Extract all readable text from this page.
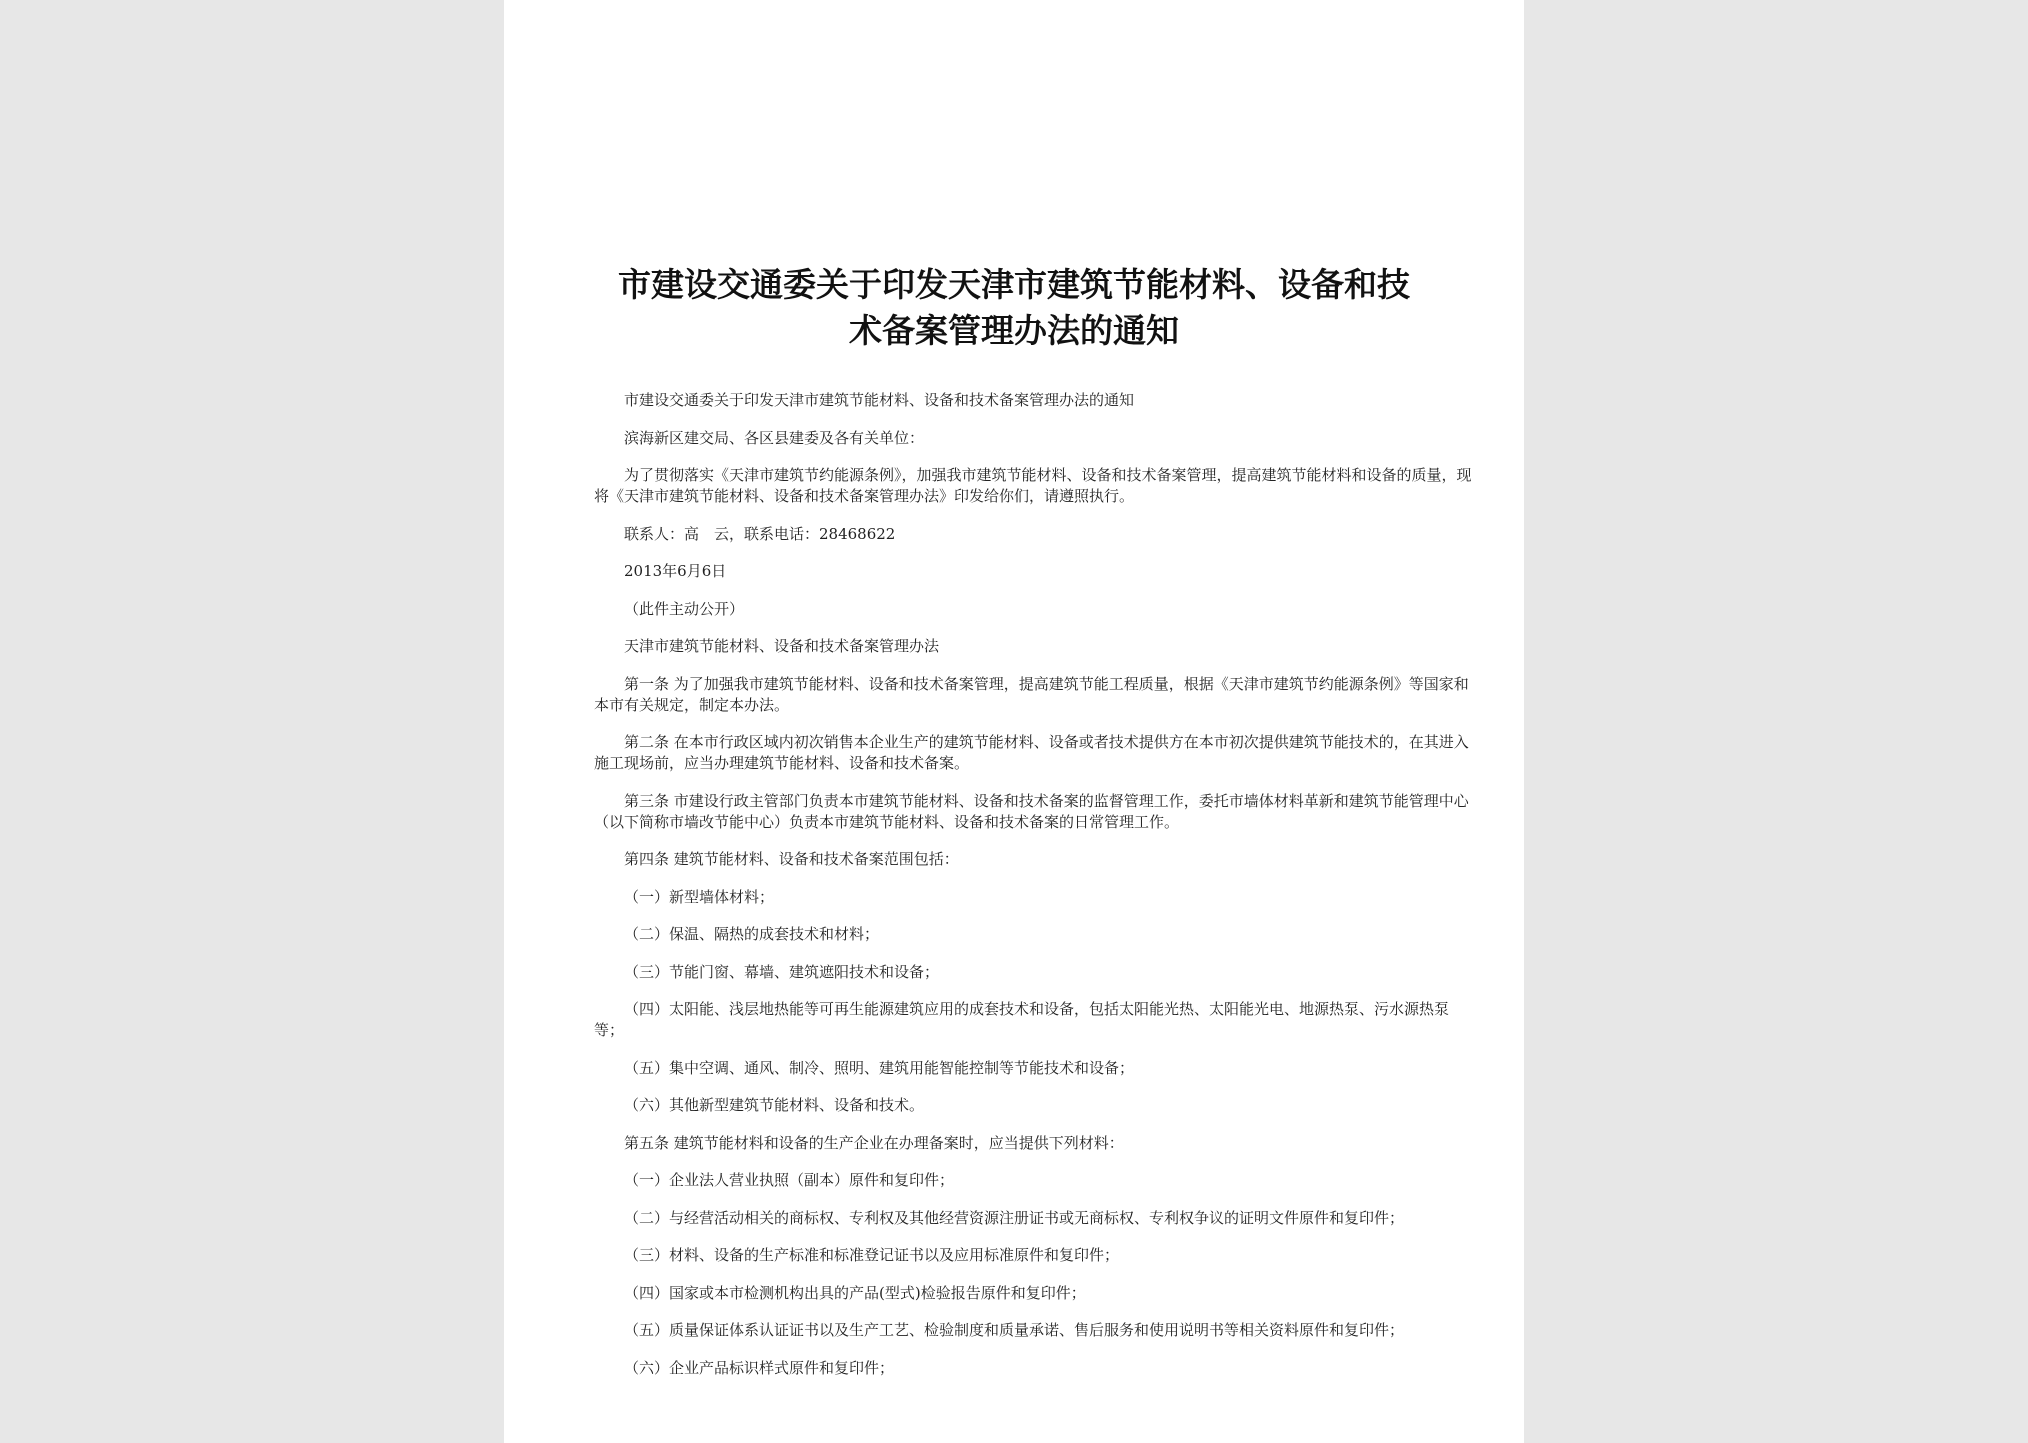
市建设交通委关于印发天津市建筑节能材料、设备和技
术备案管理办法的通知

市建设交通委关于印发天津市建筑节能材料、设备和技术备案管理办法的通知

滨海新区建交局、各区县建委及各有关单位：

为了贯彻落实《天津市建筑节约能源条例》，加强我市建筑节能材料、设备和技术备案管理，提高建筑节能材料和设备的质量，现将《天津市建筑节能材料、设备和技术备案管理办法》印发给你们，请遵照执行。

联系人：高　云，联系电话：28468622

2013年6月6日

（此件主动公开）

天津市建筑节能材料、设备和技术备案管理办法

第一条 为了加强我市建筑节能材料、设备和技术备案管理，提高建筑节能工程质量，根据《天津市建筑节约能源条例》等国家和本市有关规定，制定本办法。

第二条 在本市行政区域内初次销售本企业生产的建筑节能材料、设备或者技术提供方在本市初次提供建筑节能技术的，在其进入施工现场前，应当办理建筑节能材料、设备和技术备案。

第三条 市建设行政主管部门负责本市建筑节能材料、设备和技术备案的监督管理工作，委托市墙体材料革新和建筑节能管理中心（以下简称市墙改节能中心）负责本市建筑节能材料、设备和技术备案的日常管理工作。

第四条 建筑节能材料、设备和技术备案范围包括：

（一）新型墙体材料；

（二）保温、隔热的成套技术和材料；

（三）节能门窗、幕墙、建筑遮阳技术和设备；

（四）太阳能、浅层地热能等可再生能源建筑应用的成套技术和设备，包括太阳能光热、太阳能光电、地源热泵、污水源热泵等；

（五）集中空调、通风、制冷、照明、建筑用能智能控制等节能技术和设备；

（六）其他新型建筑节能材料、设备和技术。

第五条 建筑节能材料和设备的生产企业在办理备案时，应当提供下列材料：

（一）企业法人营业执照（副本）原件和复印件；

（二）与经营活动相关的商标权、专利权及其他经营资源注册证书或无商标权、专利权争议的证明文件原件和复印件；

（三）材料、设备的生产标准和标准登记证书以及应用标准原件和复印件；

（四）国家或本市检测机构出具的产品(型式)检验报告原件和复印件；

（五）质量保证体系认证证书以及生产工艺、检验制度和质量承诺、售后服务和使用说明书等相关资料原件和复印件；

（六）企业产品标识样式原件和复印件；
